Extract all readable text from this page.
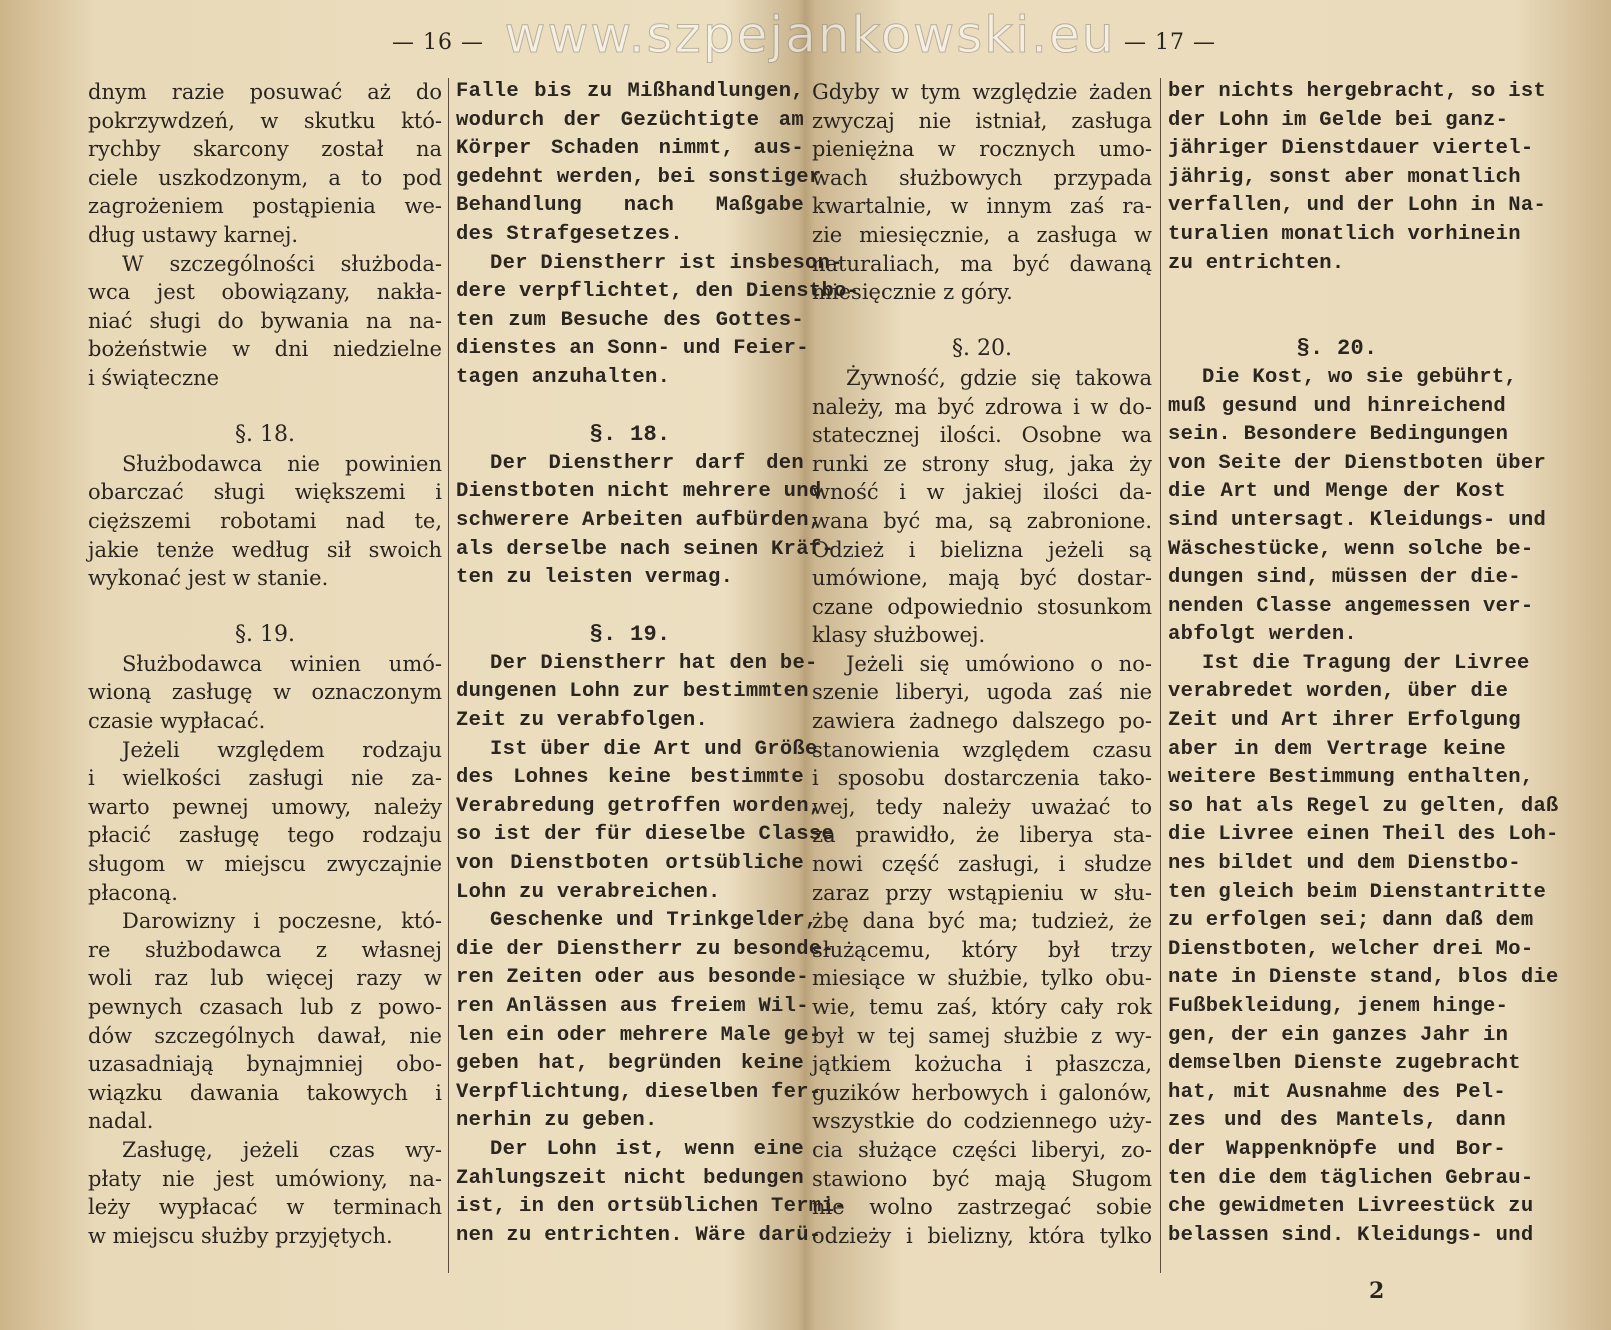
www.szpejankowski.eu
— 16 —
dnym razie posuwać aż do
pokrzywdzeń, w skutku któ-
rychby skarcony został na
ciele uszkodzonym, a to pod
zagrożeniem postąpienia we-
dług ustawy karnej.
W szczególności służbodа-
wca jest obowiązany, nakła-
niać sługi do bywania na na-
bożeństwie w dni niedzielne
i świąteczne
§. 18.
Służbodawca nie powinien
obarczać sługi większemi i
cięższemi robotami nad te,
jakie tenże według sił swoich
wykonać jest w stanie.
§. 19.
Służbodawca winien umó-
wioną zasługę w oznaczonym
czasie wypłacać.
Jeżeli względem rodzaju
i wielkości zasługi nie za-
warto pewnej umowy, należy
płacić zasługę tego rodzaju
sługom w miejscu zwyczajnie
płaconą.
Darowizny i poczesne, któ-
re służbodawca z własnej
woli raz lub więcej razy w
pewnych czasach lub z powo-
dów szczególnych dawał, nie
uzasadniają bynajmniej obo-
wiązku dawania takowych i
nadal.
Zasługę, jeżeli czas wy-
płaty nie jest umówiony, na-
leży wypłacać w terminach
w miejscu służby przyjętych.
Falle bis zu Mißhandlungen,
wodurch der Gezüchtigte am
Körper Schaden nimmt, aus-
gedehnt werden, bei sonstiger
Behandlung nach Maßgabe
des Strafgesetzes.
Der Dienstherr ist insbeson-
dere verpflichtet, den Dienstbo-
ten zum Besuche des Gottes-
dienstes an Sonn- und Feier-
tagen anzuhalten.
§. 18.
Der Dienstherr darf den
Dienstboten nicht mehrere und
schwerere Arbeiten aufbürden,
als derselbe nach seinen Kräf-
ten zu leisten vermag.
§. 19.
Der Dienstherr hat den be-
dungenen Lohn zur bestimmten
Zeit zu verabfolgen.
Ist über die Art und Größe
des Lohnes keine bestimmte
Verabredung getroffen worden,
so ist der für dieselbe Classe
von Dienstboten ortsübliche
Lohn zu verabreichen.
Geschenke und Trinkgelder,
die der Dienstherr zu besonde-
ren Zeiten oder aus besonde-
ren Anlässen aus freiem Wil-
len ein oder mehrere Male ge-
geben hat, begründen keine
Verpflichtung, dieselben fer-
nerhin zu geben.
Der Lohn ist, wenn eine
Zahlungszeit nicht bedungen
ist, in den ortsüblichen Termi-
nen zu entrichten. Wäre darü-
— 17 —
Gdyby w tym względzie żaden
zwyczaj nie istniał, zasługa
pieniężna w rocznych umo-
wach służbowych przypada
kwartalnie, w innym zaś ra-
zie miesięcznie, a zasługa w
naturaliach, ma być dawaną
miesięcznie z góry.
§. 20.
Żywność, gdzie się takowa
należy, ma być zdrowa i w do-
statecznej ilości. Osobne wa
runki ze strony sług, jaka ży
wność i w jakiej ilości da-
wana być ma, są zabronione.
Odzież i bielizna jeżeli są
umówione, mają być dostar-
czane odpowiednio stosunkom
klasy służbowej.
Jeżeli się umówiono o no-
szenie liberyi, ugoda zaś nie
zawiera żadnego dalszego po-
stanowienia względem czasu
i sposobu dostarczenia tako-
wej, tedy należy uważać to
za prawidło, że liberya sta-
nowi część zasługi, i słudze
zaraz przy wstąpieniu w słu-
żbę dana być ma; tudzież, że
służącemu, który był trzy
miesiące w służbie, tylko obu-
wie, temu zaś, który cały rok
był w tej samej służbie z wy-
jątkiem kożucha i płaszcza,
guzików herbowych i galonów,
wszystkie do codziennego uży-
cia służące części liberyi, zo-
stawiono być mają Sługom
nie wolno zastrzegać sobie
odzieży i bielizny, która tylko
ber nichts hergebracht, so ist
der Lohn im Gelde bei ganz-
jähriger Dienstdauer viertel-
jährig, sonst aber monatlich
verfallen, und der Lohn in Na-
turalien monatlich vorhinein
zu entrichten.
§. 20.
Die Kost, wo sie gebührt,
muß gesund und hinreichend
sein. Besondere Bedingungen
von Seite der Dienstboten über
die Art und Menge der Kost
sind untersagt. Kleidungs- und
Wäschestücke, wenn solche be-
dungen sind, müssen der die-
nenden Classe angemessen ver-
abfolgt werden.
Ist die Tragung der Livree
verabredet worden, über die
Zeit und Art ihrer Erfolgung
aber in dem Vertrage keine
weitere Bestimmung enthalten,
so hat als Regel zu gelten, daß
die Livree einen Theil des Loh-
nes bildet und dem Dienstbo-
ten gleich beim Dienstantritte
zu erfolgen sei; dann daß dem
Dienstboten, welcher drei Mo-
nate in Dienste stand, blos die
Fußbekleidung, jenem hinge-
gen, der ein ganzes Jahr in
demselben Dienste zugebracht
hat, mit Ausnahme des Pel-
zes und des Mantels, dann
der Wappenknöpfe und Bor-
ten die dem täglichen Gebrau-
che gewidmeten Livreestück zu
belassen sind. Kleidungs- und
2
